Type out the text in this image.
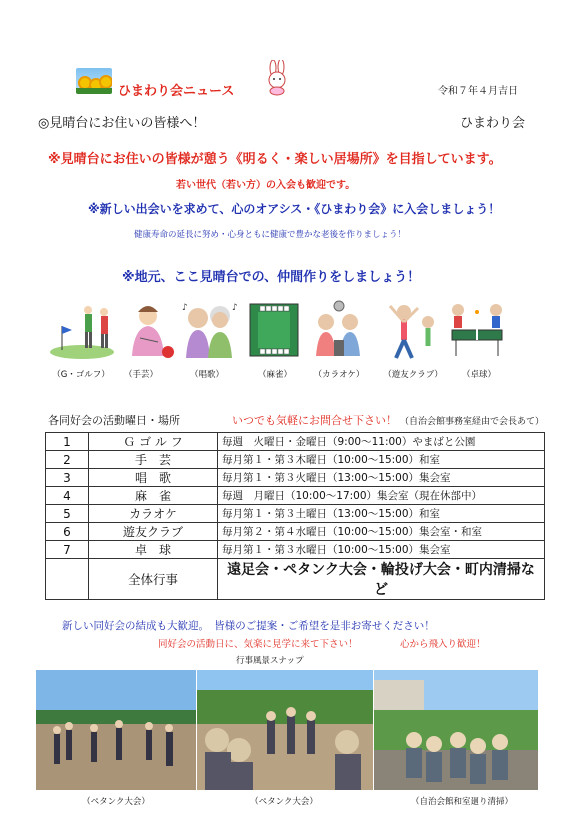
ひまわり会ニュース	令和７年４月吉日
◎見晴台にお住いの皆様へ！	ひまわり会
※見晴台にお住いの皆様が憩う《明るく・楽しい居場所》を目指しています。
若い世代（若い方）の入会も歓迎です。
※新しい出会いを求めて、心のオアシス・《ひまわり会》に入会しましょう！
健康寿命の延長に努め・心身ともに健康で豊かな老後を作りましょう！
※地元、ここ見晴台での、仲間作りをしましょう！
♪	♪
（G・ゴルフ）	（手芸）	（唱歌）	（麻雀）	（カラオケ）	（遊友クラブ）	（卓球）
各同好会の活動曜日・場所	いつでも気軽にお問合せ下さい！ （自治会館事務室経由で会長あて）
1	Ｇ ゴ ル フ	毎週　火曜日・金曜日（9:00～11:00）やまばと公園
2	手　芸	毎月第１・第３木曜日（10:00～15:00）和室
3	唱　歌	毎月第１・第３火曜日（13:00～15:00）集会室
4	麻　雀	毎週　月曜日（10:00～17:00）集会室（現在休部中）
5	カラオケ	毎月第１・第３土曜日（13:00～15:00）和室
6	遊友クラブ	毎月第２・第４水曜日（10:00～15:00）集会室・和室
7	卓　球	毎月第１・第３水曜日（10:00～15:00）集会室
	全体行事	遠足会・ペタンク大会・輪投げ大会・町内清掃など
新しい同好会の結成も大歓迎。　皆様のご提案・ご希望を是非お寄せください！
同好会の活動日に、気楽に見学に来て下さい！	心から飛入り歓迎！
行事風景スナップ
（ペタンク大会）	（ペタンク大会）	（自治会館和室廻り清掃）
